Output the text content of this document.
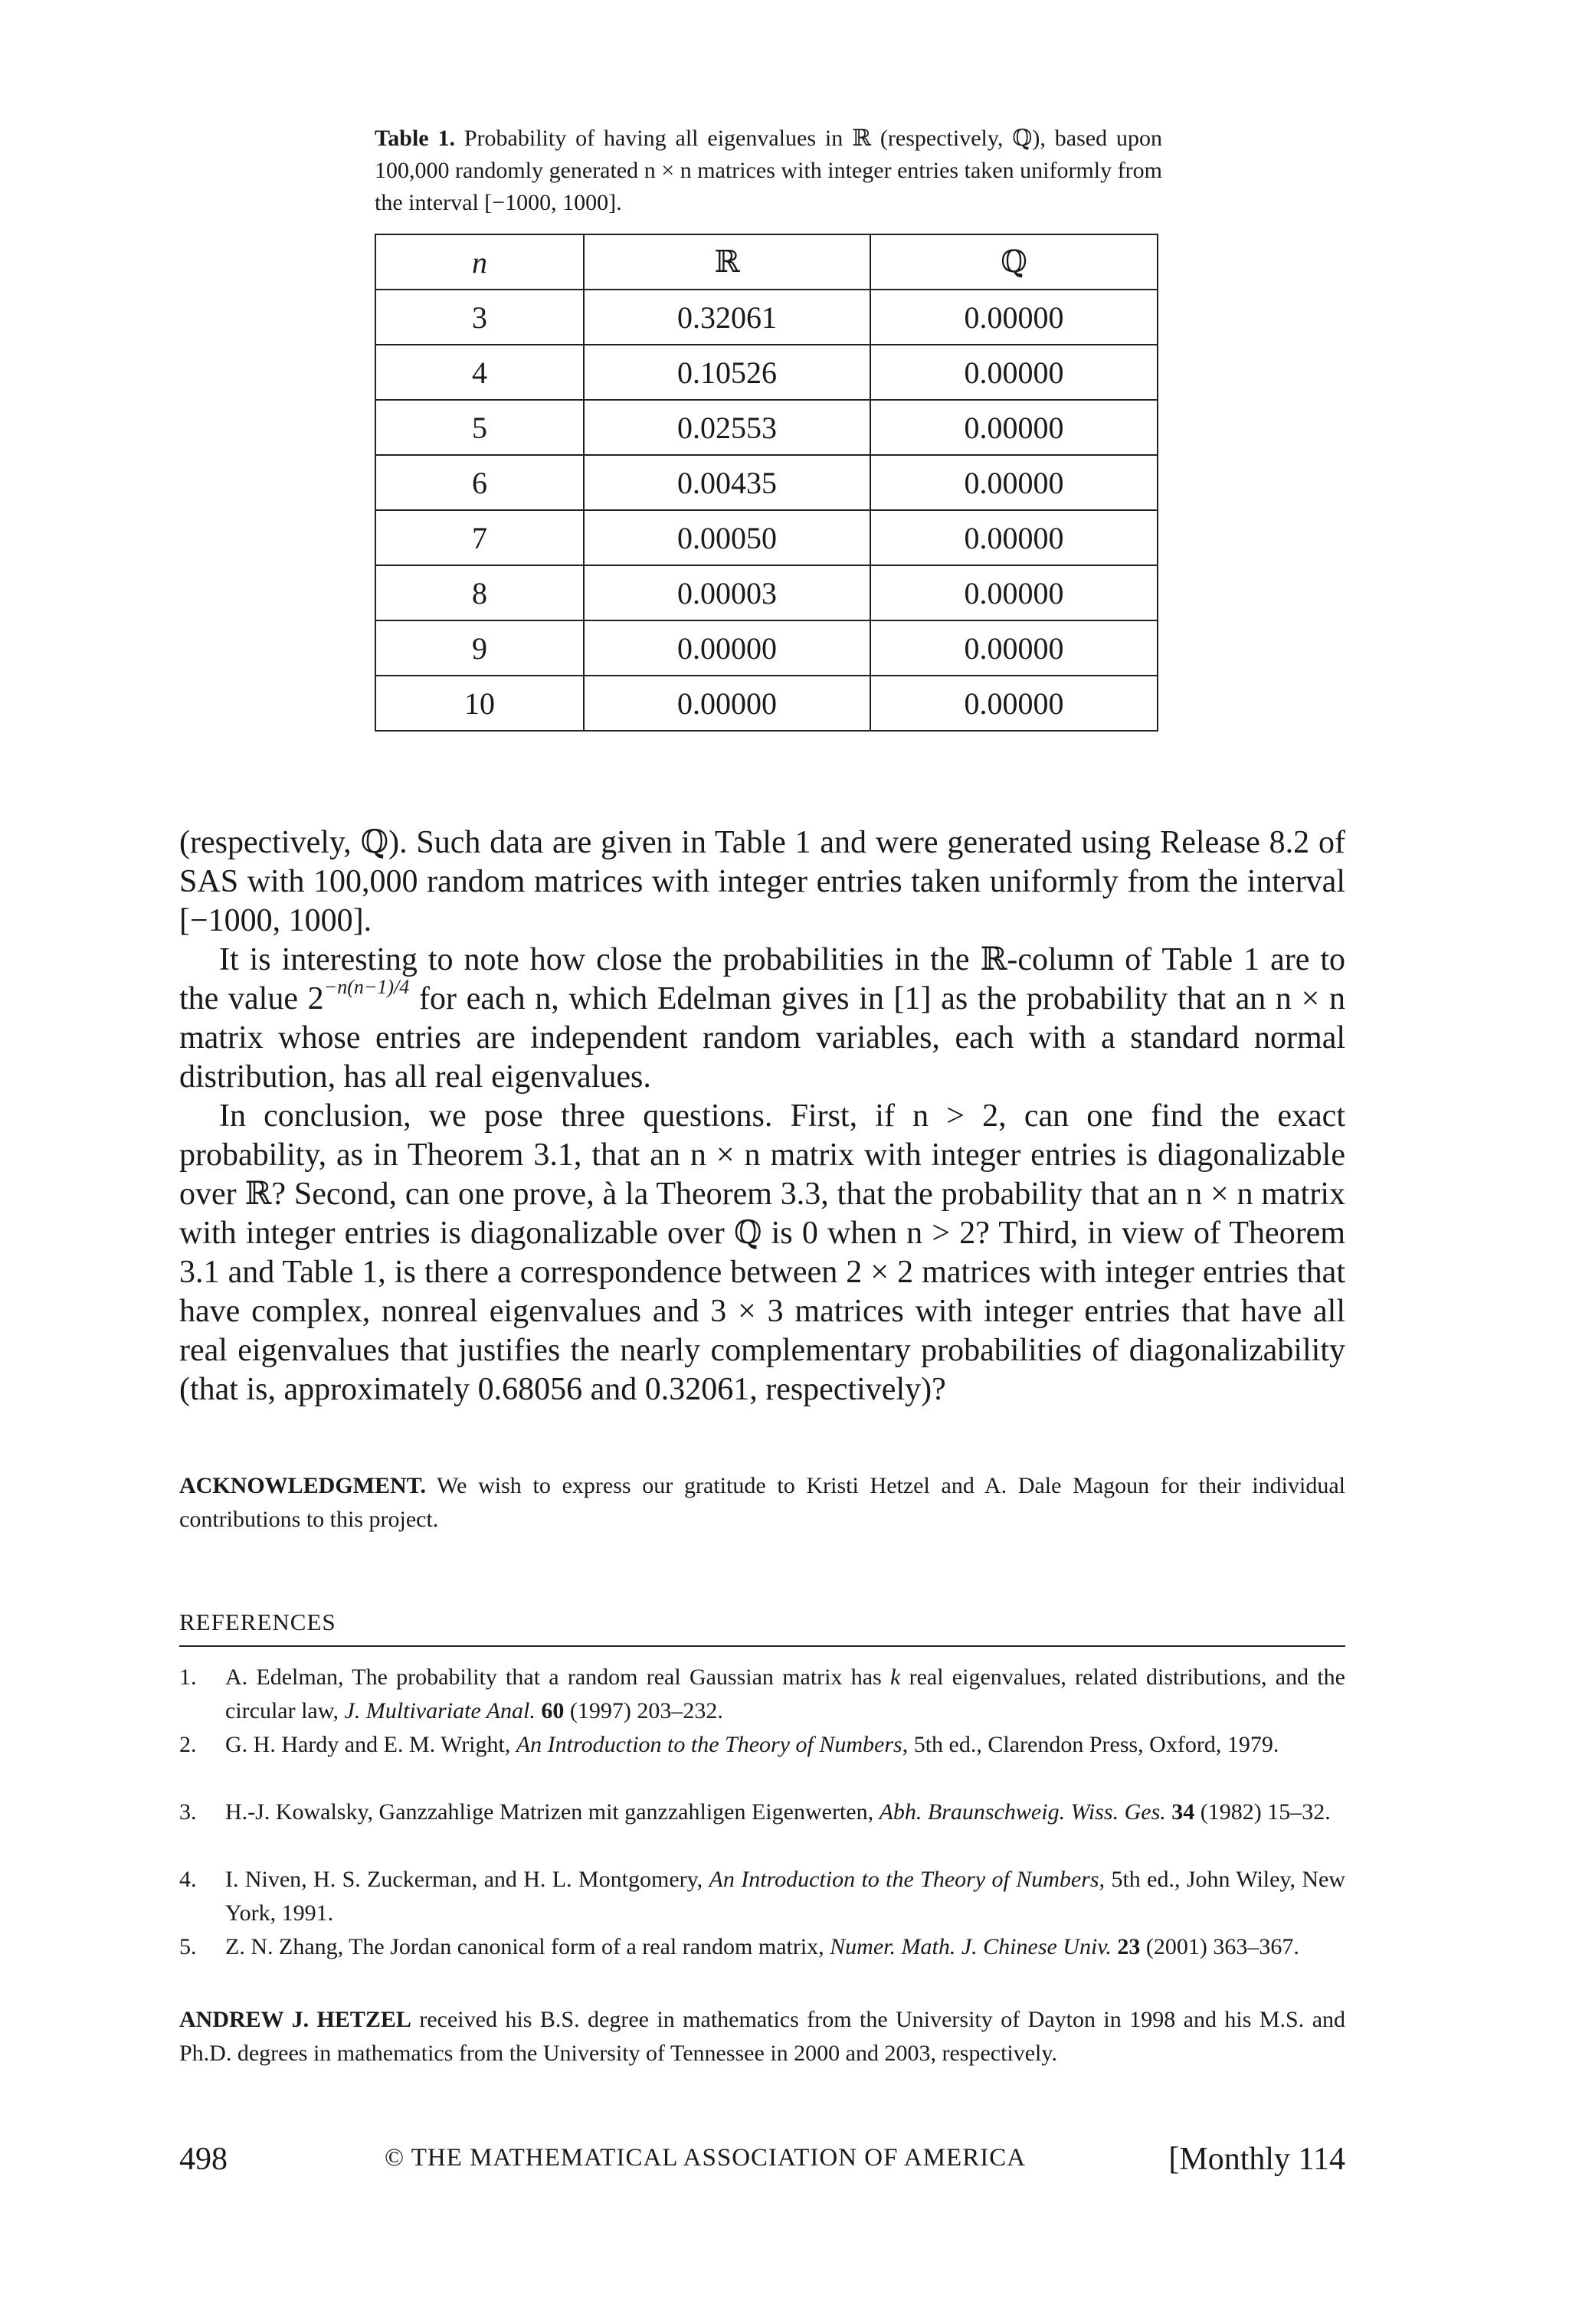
Table 1. Probability of having all eigenvalues in ℝ (respectively, ℚ), based upon 100,000 randomly generated n × n matrices with integer entries taken uniformly from the interval [−1000, 1000].
n	ℝ	ℚ
3	0.32061	0.00000
4	0.10526	0.00000
5	0.02553	0.00000
6	0.00435	0.00000
7	0.00050	0.00000
8	0.00003	0.00000
9	0.00000	0.00000
10	0.00000	0.00000
(respectively, ℚ). Such data are given in Table 1 and were generated using Release 8.2 of SAS with 100,000 random matrices with integer entries taken uniformly from the interval [−1000, 1000].
It is interesting to note how close the probabilities in the ℝ-column of Table 1 are to the value $2^{-n(n-1)/4}$ for each n, which Edelman gives in [1] as the probability that an n × n matrix whose entries are independent random variables, each with a standard normal distribution, has all real eigenvalues.
In conclusion, we pose three questions. First, if n > 2, can one find the exact probability, as in Theorem 3.1, that an n × n matrix with integer entries is diagonalizable over ℝ? Second, can one prove, à la Theorem 3.3, that the probability that an n × n matrix with integer entries is diagonalizable over ℚ is 0 when n > 2? Third, in view of Theorem 3.1 and Table 1, is there a correspondence between 2 × 2 matrices with integer entries that have complex, nonreal eigenvalues and 3 × 3 matrices with integer entries that have all real eigenvalues that justifies the nearly complementary probabilities of diagonalizability (that is, approximately 0.68056 and 0.32061, respectively)?
ACKNOWLEDGMENT. We wish to express our gratitude to Kristi Hetzel and A. Dale Magoun for their individual contributions to this project.
REFERENCES
1. A. Edelman, The probability that a random real Gaussian matrix has k real eigenvalues, related distributions, and the circular law, J. Multivariate Anal. 60 (1997) 203–232.
2. G. H. Hardy and E. M. Wright, An Introduction to the Theory of Numbers, 5th ed., Clarendon Press, Oxford, 1979.
3. H.-J. Kowalsky, Ganzzahlige Matrizen mit ganzzahligen Eigenwerten, Abh. Braunschweig. Wiss. Ges. 34 (1982) 15–32.
4. I. Niven, H. S. Zuckerman, and H. L. Montgomery, An Introduction to the Theory of Numbers, 5th ed., John Wiley, New York, 1991.
5. Z. N. Zhang, The Jordan canonical form of a real random matrix, Numer. Math. J. Chinese Univ. 23 (2001) 363–367.
ANDREW J. HETZEL received his B.S. degree in mathematics from the University of Dayton in 1998 and his M.S. and Ph.D. degrees in mathematics from the University of Tennessee in 2000 and 2003, respectively.
498	© THE MATHEMATICAL ASSOCIATION OF AMERICA	[Monthly 114
